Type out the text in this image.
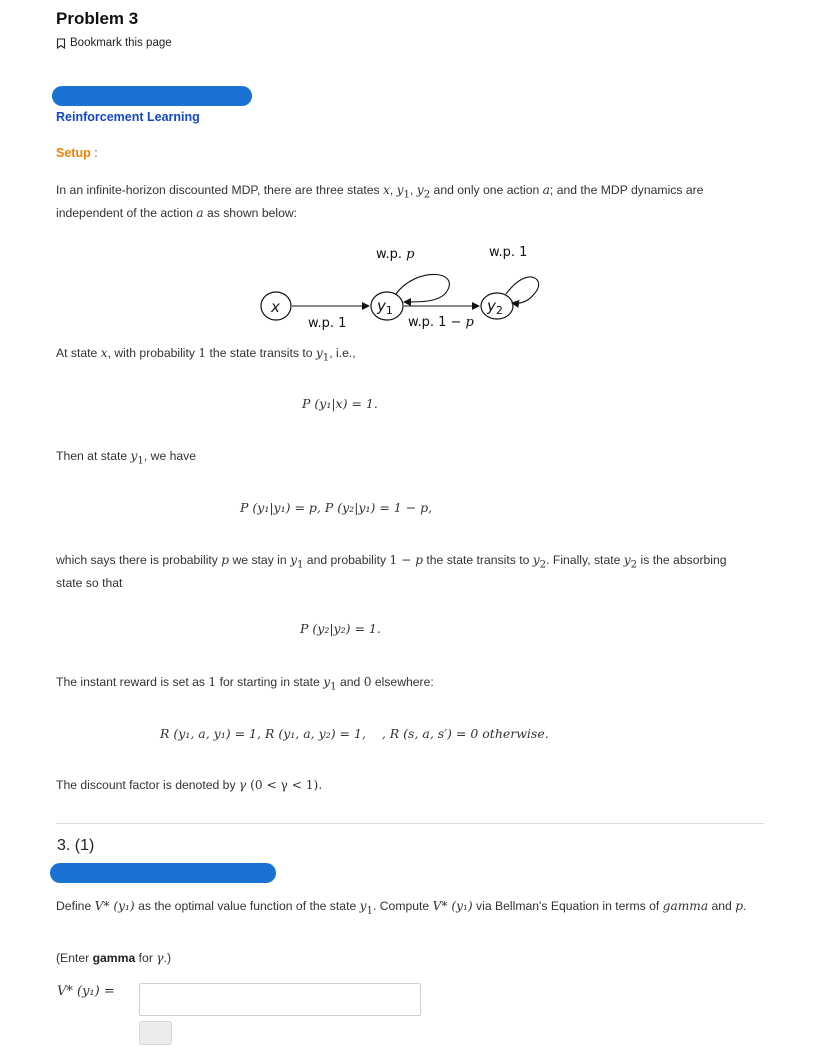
Problem 3
Bookmark this page
Reinforcement Learning
Setup :
In an infinite-horizon discounted MDP, there are three states x, $y_1$, $y_2$ and only one action a; and the MDP dynamics are independent of the action a as shown below:
w.p. p	w.p. 1
x	$y_1$	$y_2$
w.p. 1	w.p. 1 − p
At state x, with probability 1 the state transits to $y_1$, i.e.,
P (y₁|x) = 1.
Then at state $y_1$, we have
P (y₁|y₁) = p, P (y₂|y₁) = 1 − p,
which says there is probability p we stay in $y_1$ and probability 1 − p the state transits to $y_2$. Finally, state $y_2$ is the absorbing state so that
P (y₂|y₂) = 1.
The instant reward is set as 1 for starting in state $y_1$ and 0 elsewhere:
R (y₁, a, y₁) = 1, R (y₁, a, y₂) = 1,    , R (s, a, s′) = 0 otherwise.
The discount factor is denoted by γ (0 < γ < 1).
3. (1)
Define V* (y₁) as the optimal value function of the state $y_1$. Compute V* (y₁) via Bellman's Equation in terms of gamma and p.
(Enter gamma for γ.)
V* (y₁) =
